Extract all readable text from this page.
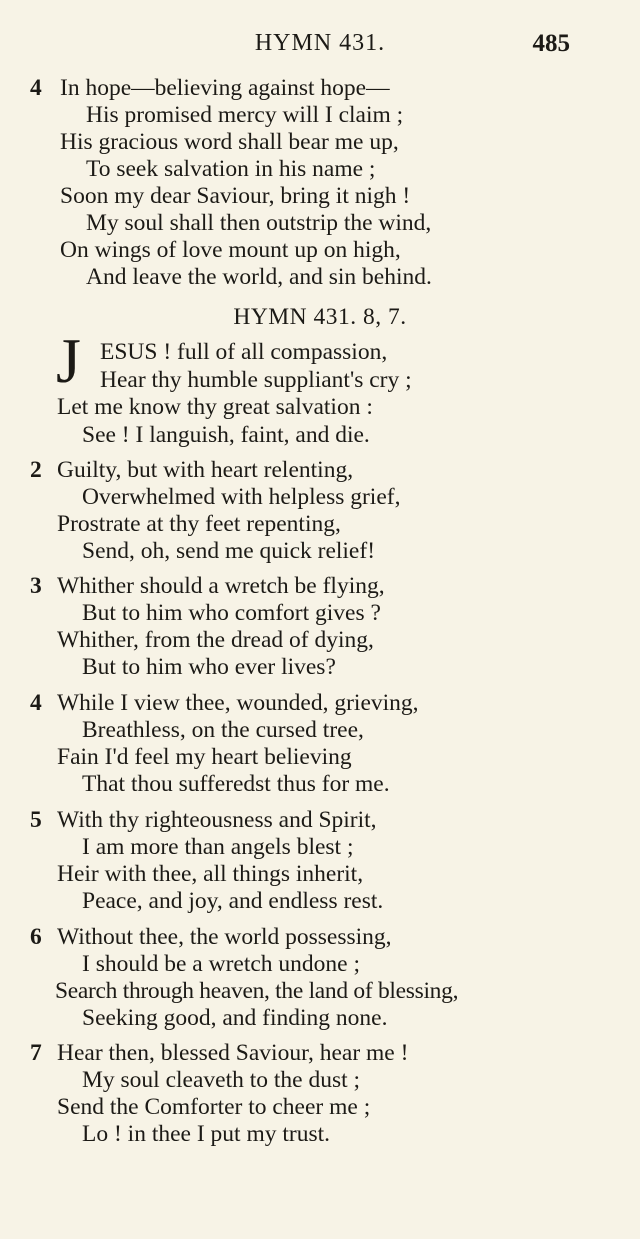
HYMN 431.	485
4 In hope—believing against hope—
His promised mercy will I claim ;
His gracious word shall bear me up,
To seek salvation in his name ;
Soon my dear Saviour, bring it nigh !
My soul shall then outstrip the wind,
On wings of love mount up on high,
And leave the world, and sin behind.
HYMN 431. 8, 7.
J ESUS ! full of all compassion,
Hear thy humble suppliant's cry ;
Let me know thy great salvation :
See ! I languish, faint, and die.
2 Guilty, but with heart relenting,
Overwhelmed with helpless grief,
Prostrate at thy feet repenting,
Send, oh, send me quick relief!
3 Whither should a wretch be flying,
But to him who comfort gives ?
Whither, from the dread of dying,
But to him who ever lives?
4 While I view thee, wounded, grieving,
Breathless, on the cursed tree,
Fain I'd feel my heart believing
That thou sufferedst thus for me.
5 With thy righteousness and Spirit,
I am more than angels blest ;
Heir with thee, all things inherit,
Peace, and joy, and endless rest.
6 Without thee, the world possessing,
I should be a wretch undone ;
Search through heaven, the land of blessing,
Seeking good, and finding none.
7 Hear then, blessed Saviour, hear me !
My soul cleaveth to the dust ;
Send the Comforter to cheer me ;
Lo ! in thee I put my trust.
